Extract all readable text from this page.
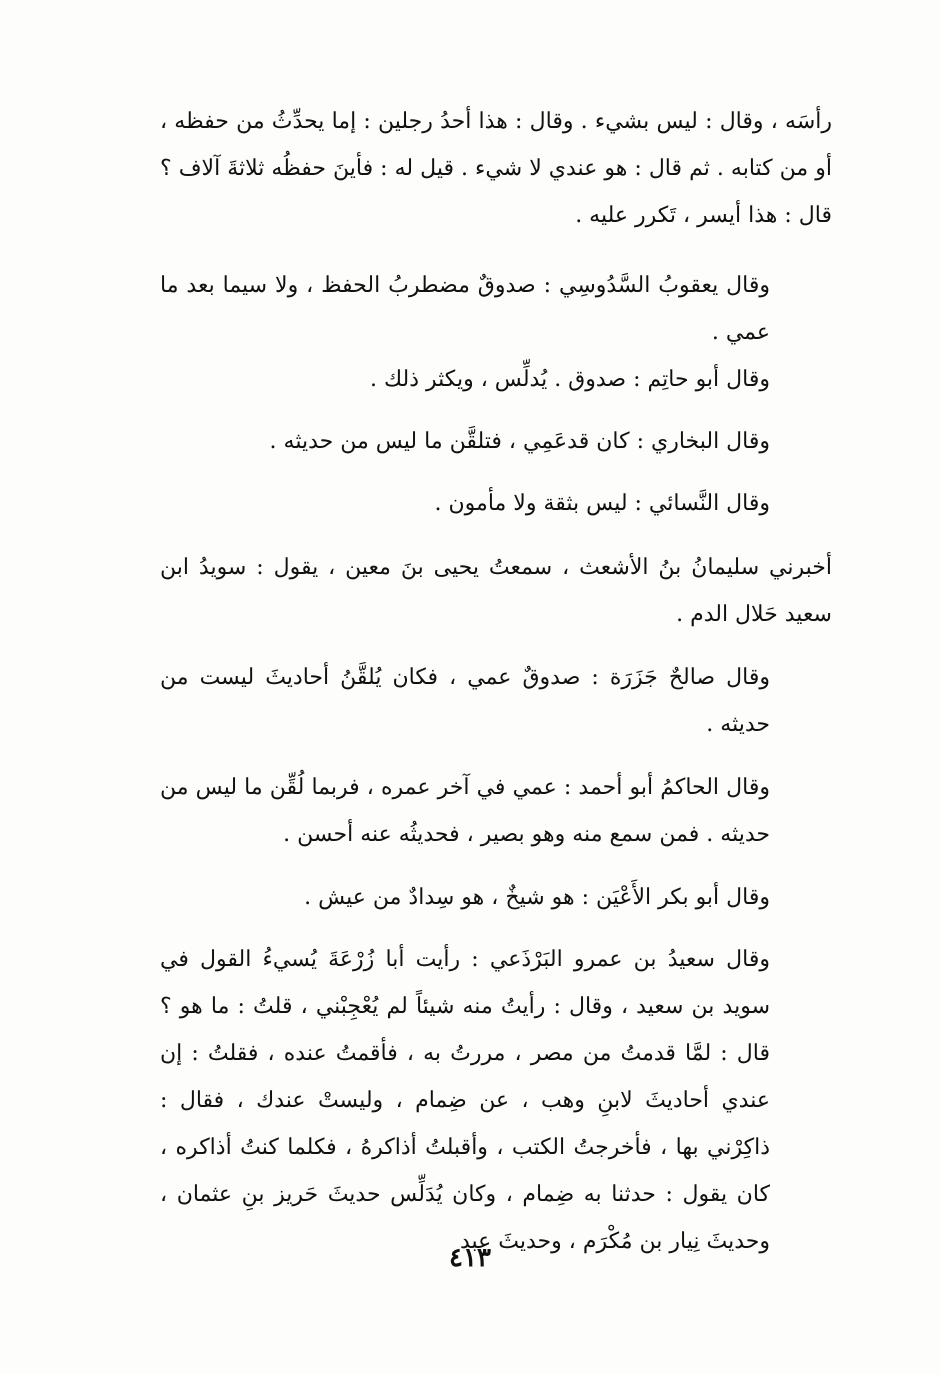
رأسَه ، وقال : ليس بشيء . وقال : هذا أحدُ رجلين : إما يحدِّثُ من حفظه ، أو من كتابه . ثم قال : هو عندي لا شيء . قيل له : فأينَ حفظُه ثلاثةَ آلاف ؟ قال : هذا أيسر ، تَكرر عليه .

وقال يعقوبُ السَّدُوسِي : صدوقٌ مضطربُ الحفظ ، ولا سيما بعد ما عمي .

وقال أبو حاتِم : صدوق . يُدلِّس ، ويكثر ذلك .

وقال البخاري : كان قدعَمِي ، فتلقَّن ما ليس من حديثه .

وقال النَّسائي : ليس بثقة ولا مأمون .

أخبرني سليمانُ بنُ الأشعث ، سمعتُ يحيى بنَ معين ، يقول : سويدُ ابن سعيد حَلال الدم .

وقال صالحٌ جَزَرَة : صدوقٌ عمي ، فكان يُلقَّنُ أحاديثَ ليست من حديثه .

وقال الحاكمُ أبو أحمد : عمي في آخر عمره ، فربما لُقِّن ما ليس من حديثه . فمن سمع منه وهو بصير ، فحديثُه عنه أحسن .

وقال أبو بكر الأَعْيَن : هو شيخٌ ، هو سِدادٌ من عيش .

وقال سعيدُ بن عمرو البَرْذَعي : رأيت أبا زُرْعَةَ يُسيءُ القول في سويد بن سعيد ، وقال : رأيتُ منه شيئاً لم يُعْجِبْني ، قلتُ : ما هو ؟ قال : لمَّا قدمتُ من مصر ، مررتُ به ، فأقمتُ عنده ، فقلتُ : إن عندي أحاديثَ لابنِ وهب ، عن ضِمام ، وليستْ عندك ، فقال : ذاكِرْني بها ، فأخرجتُ الكتب ، وأقبلتُ أذاكرهُ ، فكلما كنتُ أذاكره ، كان يقول : حدثنا به ضِمام ، وكان يُدَلِّس حديثَ حَريز بنِ عثمان ، وحديثَ نِيار بن مُكْرَم ، وحديثَ عبد

٤١٣
